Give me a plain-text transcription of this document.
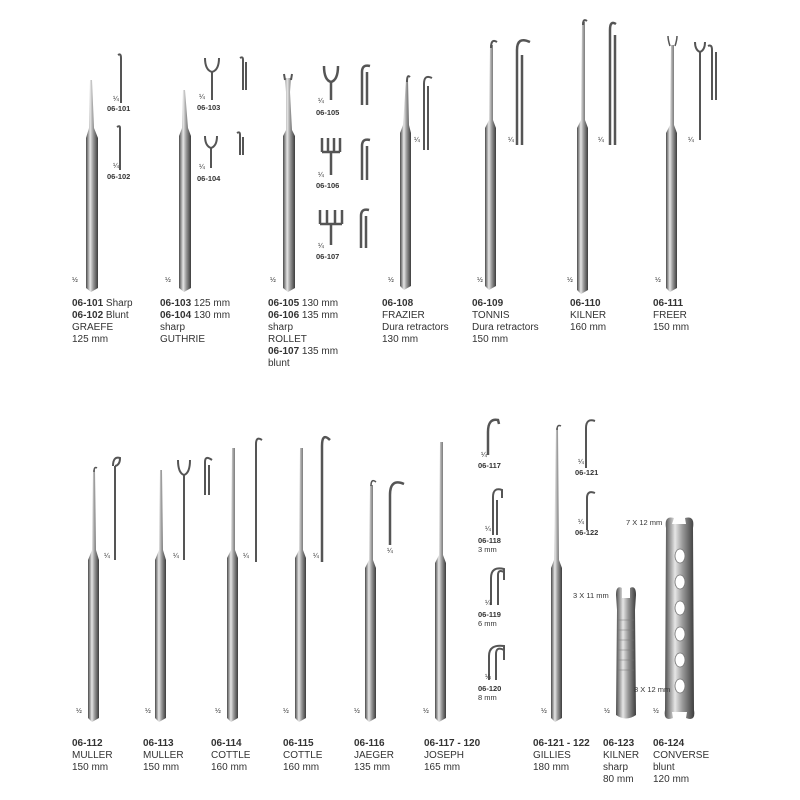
½	½	½	½	½	½	½
¼
¼
¼
¼
¼
¼
¼
¼	¼	¼	¼
½	½	½	½	½	½	½	½	½
¼	¼	¼	¼
¼
¼
¼
¼
¼
¼
¼
06-101
06-102
06-103
06-104
06-105
06-106
06-107
06-117
06-118
06-119
06-120
06-121
06-122
3 mm
6 mm
8 mm
3 X 11 mm
7 X 12 mm
8 X 12 mm
06-101 Sharp
06-102 Blunt
GRAEFE
125 mm
06-103 125 mm
06-104 130 mm
sharp
GUTHRIE
06-105 130 mm
06-106 135 mm
sharp
ROLLET
06-107 135 mm
blunt
06-108
FRAZIER
Dura retractors
130 mm
06-109
TONNIS
Dura retractors
150 mm
06-110
KILNER
160 mm
06-111
FREER
150 mm
06-112
MULLER
150 mm
06-113
MULLER
150 mm
06-114
COTTLE
160 mm
06-115
COTTLE
160 mm
06-116
JAEGER
135 mm
06-117 - 120
JOSEPH
165 mm
06-121 - 122
GILLIES
180 mm
06-123
KILNER
sharp
80 mm
06-124
CONVERSE
blunt
120 mm
